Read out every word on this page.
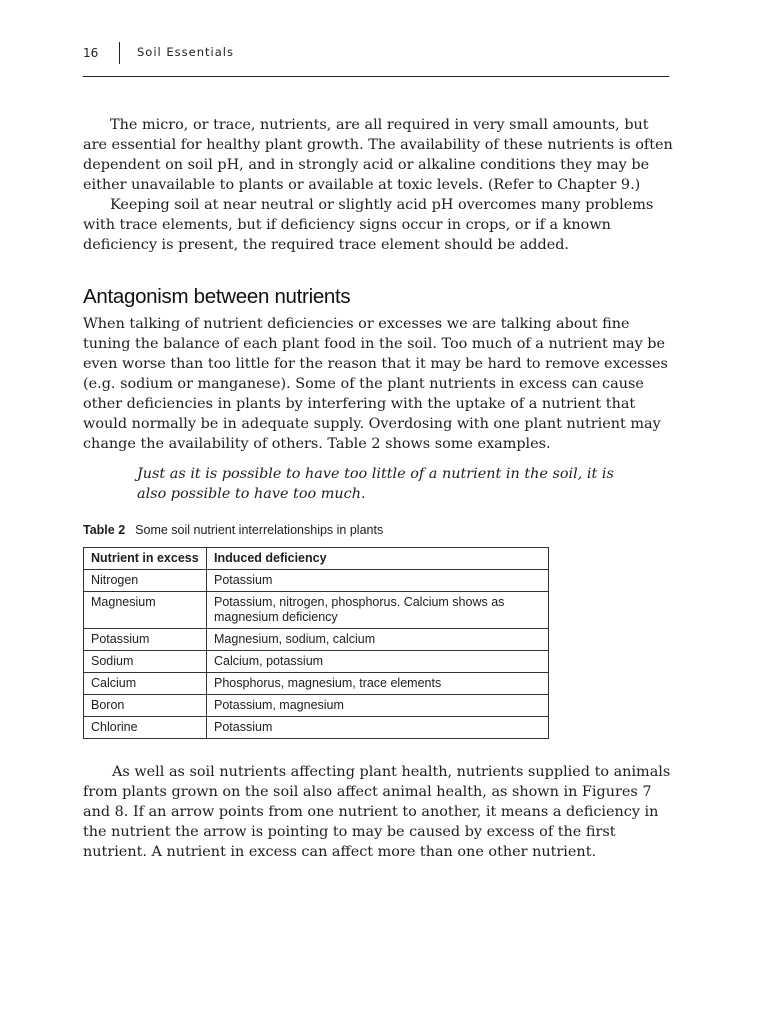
16	Soil Essentials

The micro, or trace, nutrients, are all required in very small amounts, but are essential for healthy plant growth. The availability of these nutrients is often dependent on soil pH, and in strongly acid or alkaline conditions they may be either unavailable to plants or available at toxic levels. (Refer to Chapter 9.)

Keeping soil at near neutral or slightly acid pH overcomes many problems with trace elements, but if deficiency signs occur in crops, or if a known deficiency is present, the required trace element should be added.

Antagonism between nutrients

When talking of nutrient deficiencies or excesses we are talking about fine tuning the balance of each plant food in the soil. Too much of a nutrient may be even worse than too little for the reason that it may be hard to remove excesses (e.g. sodium or manganese). Some of the plant nutrients in excess can cause other deficiencies in plants by interfering with the uptake of a nutrient that would normally be in adequate supply. Overdosing with one plant nutrient may change the availability of others. Table 2 shows some examples.

Just as it is possible to have too little of a nutrient in the soil, it is also possible to have too much.

Table 2 Some soil nutrient interrelationships in plants

Nutrient in excess	Induced deficiency
Nitrogen	Potassium
Magnesium	Potassium, nitrogen, phosphorus. Calcium shows as magnesium deficiency
Potassium	Magnesium, sodium, calcium
Sodium	Calcium, potassium
Calcium	Phosphorus, magnesium, trace elements
Boron	Potassium, magnesium
Chlorine	Potassium

As well as soil nutrients affecting plant health, nutrients supplied to animals from plants grown on the soil also affect animal health, as shown in Figures 7 and 8. If an arrow points from one nutrient to another, it means a deficiency in the nutrient the arrow is pointing to may be caused by excess of the first nutrient. A nutrient in excess can affect more than one other nutrient.
